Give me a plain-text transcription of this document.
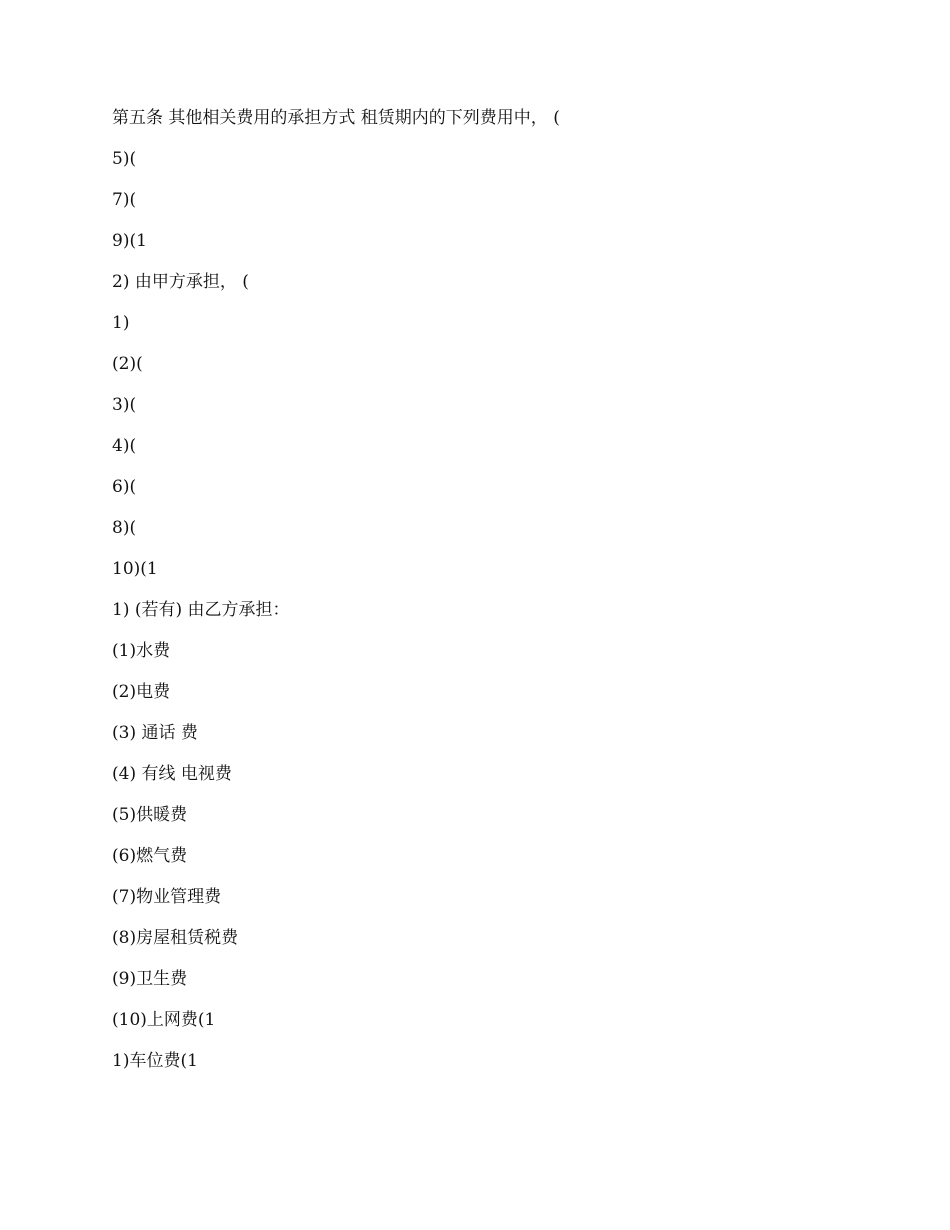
第五条 其他相关费用的承担方式 租赁期内的下列费用中， (

5)(

7)(

9)(1

2) 由甲方承担， (

1)

(2)(

3)(

4)(

6)(

8)(

10)(1

1) (若有) 由乙方承担：

(1)水费

(2)电费

(3) 通话 费

(4) 有线 电视费

(5)供暖费

(6)燃气费

(7)物业管理费

(8)房屋租赁税费

(9)卫生费

(10)上网费(1

1)车位费(1
